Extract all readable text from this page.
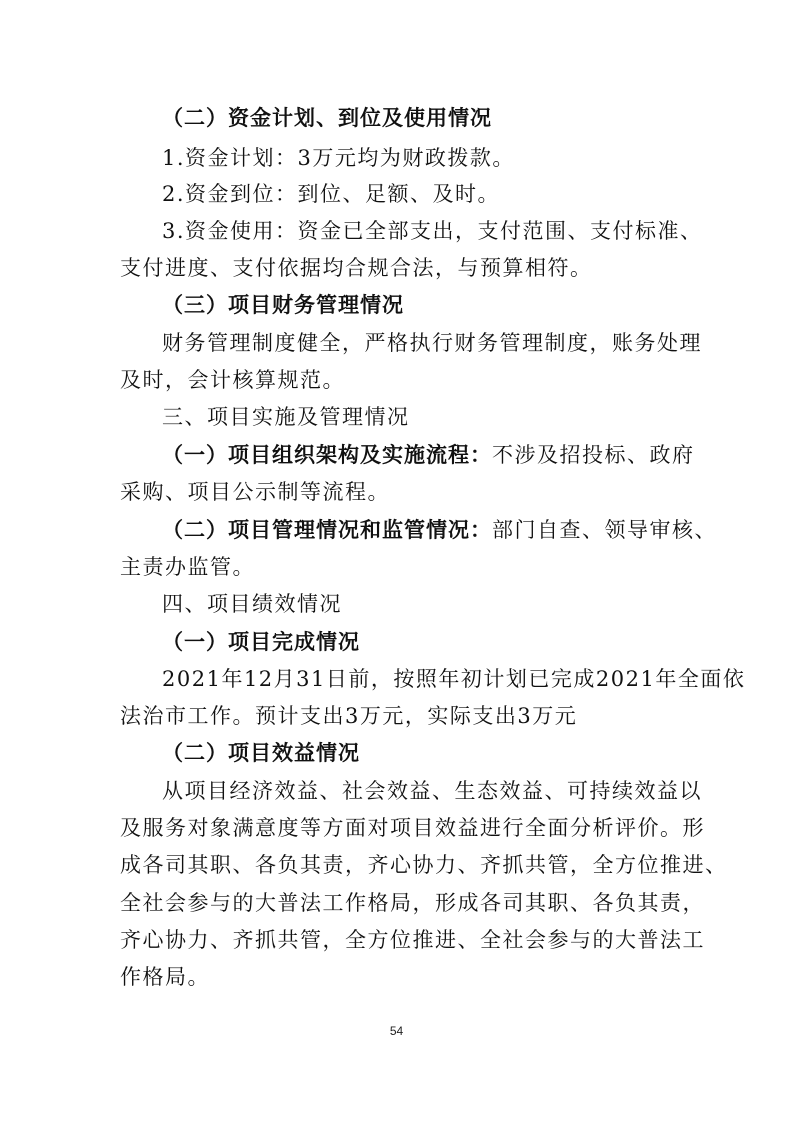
（二）资金计划、到位及使用情况
1.资金计划：3万元均为财政拨款。
2.资金到位：到位、足额、及时。
3.资金使用：资金已全部支出，支付范围、支付标准、
支付进度、支付依据均合规合法，与预算相符。
（三）项目财务管理情况
财务管理制度健全，严格执行财务管理制度，账务处理
及时，会计核算规范。
三、项目实施及管理情况
（一）项目组织架构及实施流程：不涉及招投标、政府
采购、项目公示制等流程。
（二）项目管理情况和监管情况：部门自查、领导审核、
主责办监管。
四、项目绩效情况
（一）项目完成情况
2021年12月31日前，按照年初计划已完成2021年全面依
法治市工作。预计支出3万元，实际支出3万元
（二）项目效益情况
从项目经济效益、社会效益、生态效益、可持续效益以
及服务对象满意度等方面对项目效益进行全面分析评价。形
成各司其职、各负其责，齐心协力、齐抓共管，全方位推进、
全社会参与的大普法工作格局，形成各司其职、各负其责，
齐心协力、齐抓共管，全方位推进、全社会参与的大普法工
作格局。
54
